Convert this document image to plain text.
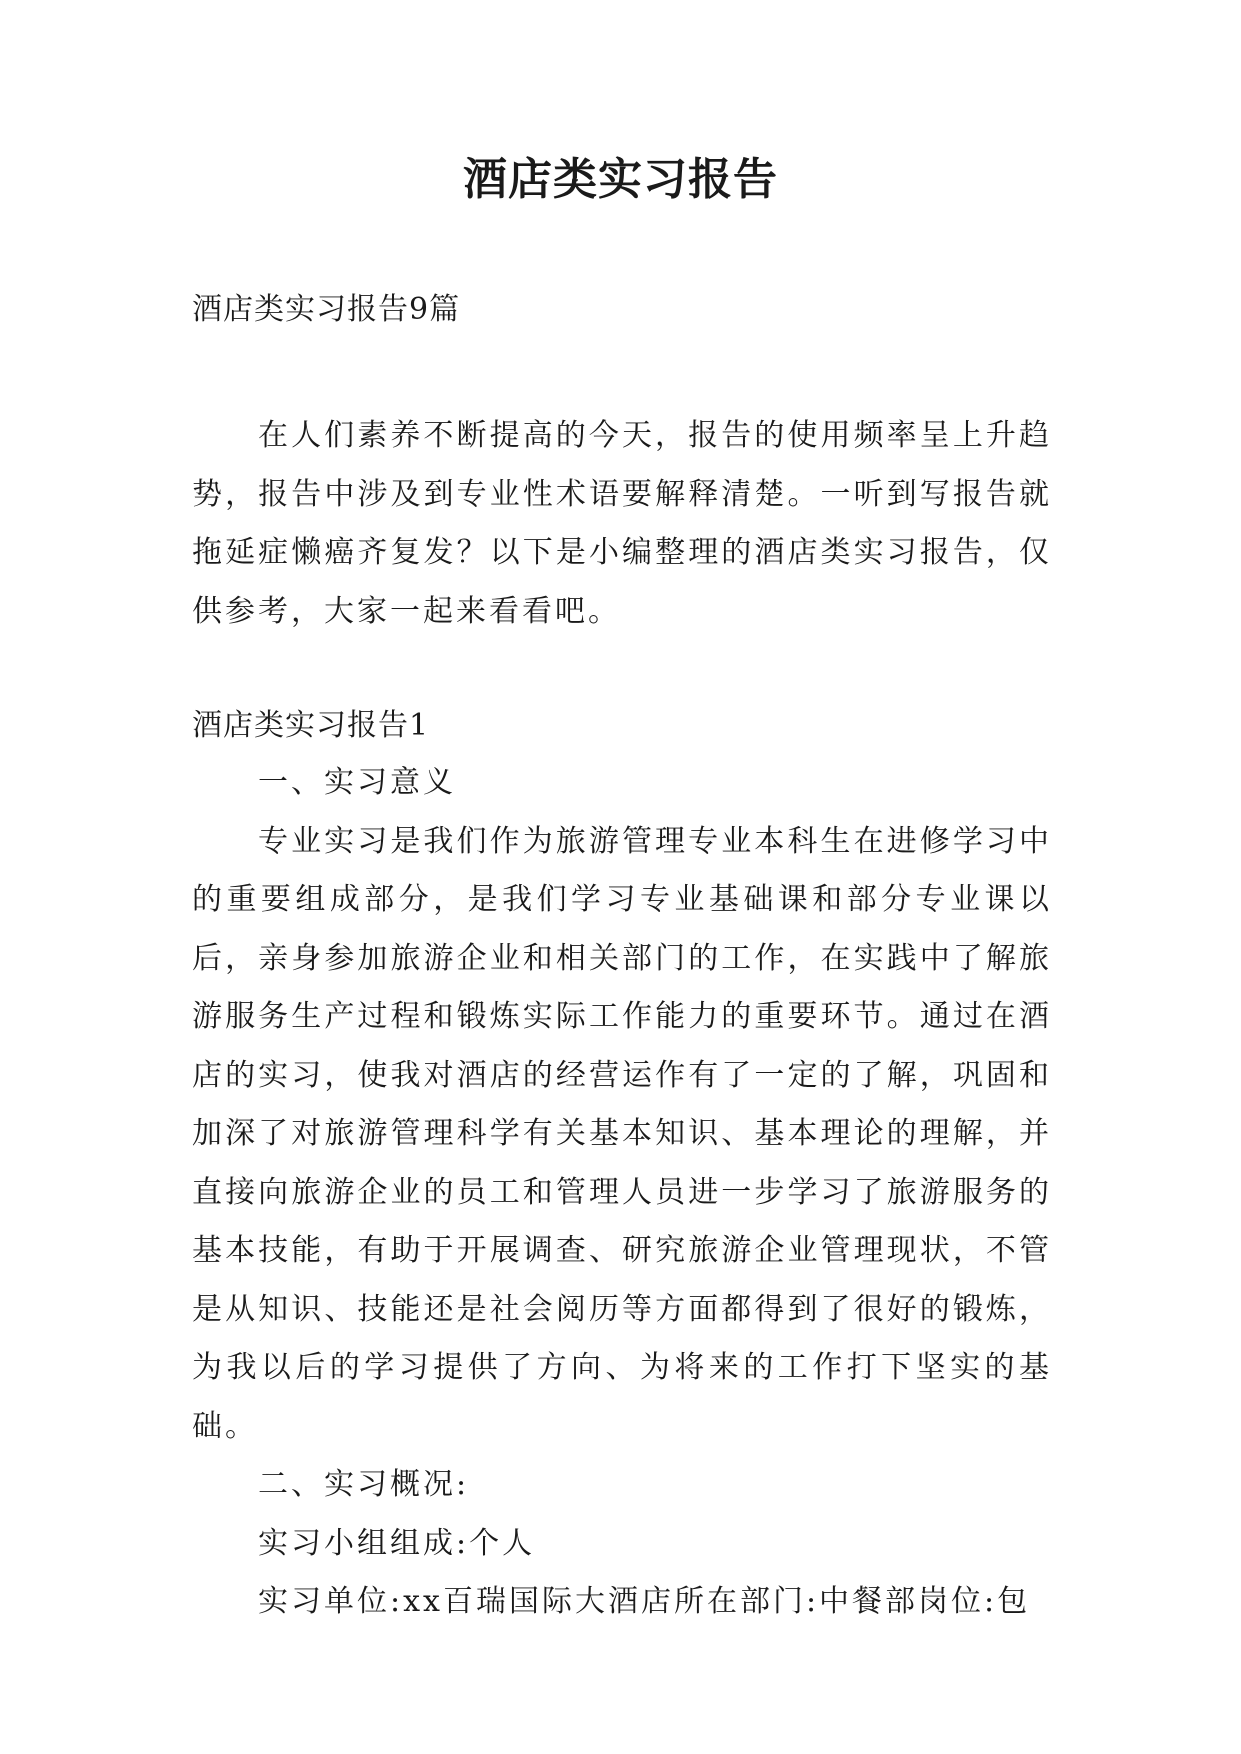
酒店类实习报告
酒店类实习报告9篇

在人们素养不断提高的今天，报告的使用频率呈上升趋势，报告中涉及到专业性术语要解释清楚。一听到写报告就拖延症懒癌齐复发？以下是小编整理的酒店类实习报告，仅供参考，大家一起来看看吧。

酒店类实习报告1

一、实习意义

专业实习是我们作为旅游管理专业本科生在进修学习中的重要组成部分，是我们学习专业基础课和部分专业课以后，亲身参加旅游企业和相关部门的工作，在实践中了解旅游服务生产过程和锻炼实际工作能力的重要环节。通过在酒店的实习，使我对酒店的经营运作有了一定的了解，巩固和加深了对旅游管理科学有关基本知识、基本理论的理解，并直接向旅游企业的员工和管理人员进一步学习了旅游服务的基本技能，有助于开展调查、研究旅游企业管理现状，不管是从知识、技能还是社会阅历等方面都得到了很好的锻炼，为我以后的学习提供了方向、为将来的工作打下坚实的基础。

二、实习概况:

实习小组组成:个人

实习单位:xx百瑞国际大酒店所在部门:中餐部岗位:包
